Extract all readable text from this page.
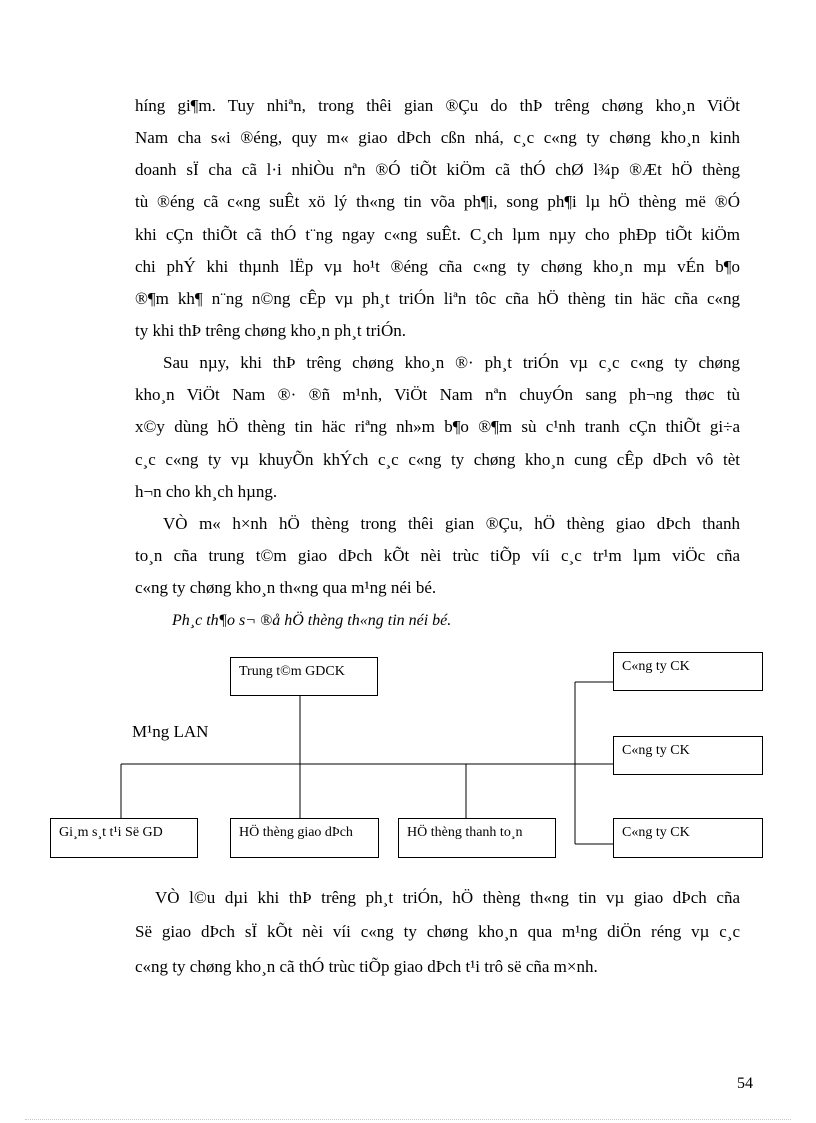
híng gi¶m. Tuy nhiªn, trong thêi gian ®Çu do thÞ trêng chøng kho¸n ViÖt
Nam cha s«i ®éng, quy m« giao dÞch cßn nhá, c¸c c«ng ty chøng kho¸n kinh
doanh sÏ cha cã l·i nhiÒu nªn ®Ó tiÕt kiÖm cã thÓ chØ l¾p ®Æt hÖ thèng
tù ®éng cã c«ng suÊt xö lý th«ng tin võa ph¶i, song ph¶i lµ hÖ thèng më ®Ó
khi cÇn thiÕt cã thÓ t¨ng ngay c«ng suÊt. C¸ch lµm nµy cho phÐp tiÕt kiÖm
chi phÝ khi thµnh lËp vµ ho¹t ®éng cña c«ng ty chøng kho¸n mµ vÉn b¶o
®¶m kh¶ n¨ng n©ng cÊp vµ ph¸t triÓn liªn tôc cña hÖ thèng tin häc cña c«ng
ty khi thÞ trêng chøng kho¸n ph¸t triÓn.
Sau nµy, khi thÞ trêng chøng kho¸n ®· ph¸t triÓn vµ c¸c c«ng ty chøng
kho¸n ViÖt Nam ®· ®ñ m¹nh, ViÖt Nam nªn chuyÓn sang ph¬ng thøc tù
x©y dùng hÖ thèng tin häc riªng nh»m b¶o ®¶m sù c¹nh tranh cÇn thiÕt gi÷a
c¸c c«ng ty vµ khuyÕn khÝch c¸c c«ng ty chøng kho¸n cung cÊp dÞch vô tèt
h¬n cho kh¸ch hµng.
VÒ m« h×nh hÖ thèng trong thêi gian ®Çu, hÖ thèng giao dÞch thanh
to¸n cña trung t©m giao dÞch kÕt nèi trùc tiÕp víi c¸c tr¹m lµm viÖc cña
c«ng ty chøng kho¸n th«ng qua m¹ng néi bé.
Ph¸c th¶o s¬ ®å hÖ thèng th«ng tin néi bé.
Trung t©m GDCK
M¹ng LAN
Gi¸m s¸t t¹i Së GD	HÖ thèng giao dÞch	HÖ thèng thanh to¸n
C«ng ty CK
C«ng ty CK
C«ng ty CK
VÒ l©u dµi khi thÞ trêng ph¸t triÓn, hÖ thèng th«ng tin vµ giao dÞch cña
Së giao dÞch sÏ kÕt nèi víi c«ng ty chøng kho¸n qua m¹ng diÖn réng vµ c¸c
c«ng ty chøng kho¸n cã thÓ trùc tiÕp giao dÞch t¹i trô së cña m×nh.
54
